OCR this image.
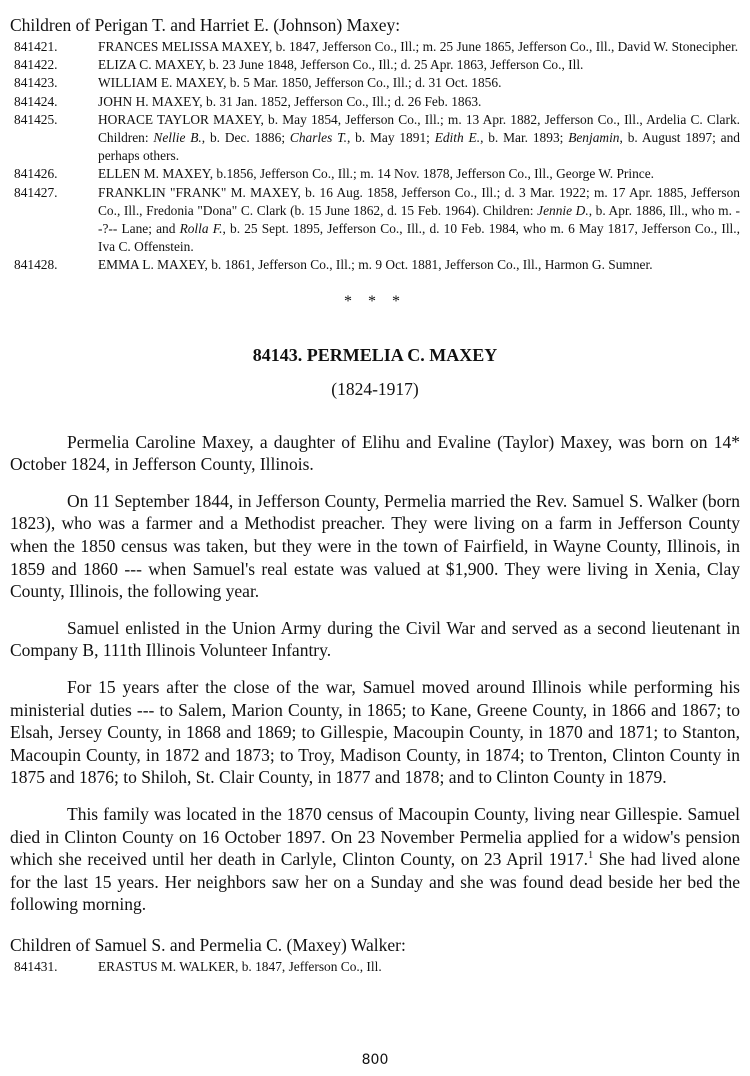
Children of Perigan T. and Harriet E. (Johnson) Maxey:

841421.	FRANCES MELISSA MAXEY, b. 1847, Jefferson Co., Ill.; m. 25 June 1865, Jefferson Co., Ill., David W. Stonecipher.
841422.	ELIZA C. MAXEY, b. 23 June 1848, Jefferson Co., Ill.; d. 25 Apr. 1863, Jefferson Co., Ill.
841423.	WILLIAM E. MAXEY, b. 5 Mar. 1850, Jefferson Co., Ill.; d. 31 Oct. 1856.
841424.	JOHN H. MAXEY, b. 31 Jan. 1852, Jefferson Co., Ill.; d. 26 Feb. 1863.
841425.	HORACE TAYLOR MAXEY, b. May 1854, Jefferson Co., Ill.; m. 13 Apr. 1882, Jefferson Co., Ill., Ardelia C. Clark. Children: Nellie B., b. Dec. 1886; Charles T., b. May 1891; Edith E., b. Mar. 1893; Benjamin, b. August 1897; and perhaps others.
841426.	ELLEN M. MAXEY, b.1856, Jefferson Co., Ill.; m. 14 Nov. 1878, Jefferson Co., Ill., George W. Prince.
841427.	FRANKLIN "FRANK" M. MAXEY, b. 16 Aug. 1858, Jefferson Co., Ill.; d. 3 Mar. 1922; m. 17 Apr. 1885, Jefferson Co., Ill., Fredonia "Dona" C. Clark (b. 15 June 1862, d. 15 Feb. 1964). Children: Jennie D., b. Apr. 1886, Ill., who m. --?-- Lane; and Rolla F., b. 25 Sept. 1895, Jefferson Co., Ill., d. 10 Feb. 1984, who m. 6 May 1817, Jefferson Co., Ill., Iva C. Offenstein.
841428.	EMMA L. MAXEY, b. 1861, Jefferson Co., Ill.; m. 9 Oct. 1881, Jefferson Co., Ill., Harmon G. Sumner.
* * *
84143. PERMELIA C. MAXEY
(1824-1917)

Permelia Caroline Maxey, a daughter of Elihu and Evaline (Taylor) Maxey, was born on 14* October 1824, in Jefferson County, Illinois.

On 11 September 1844, in Jefferson County, Permelia married the Rev. Samuel S. Walker (born 1823), who was a farmer and a Methodist preacher. They were living on a farm in Jefferson County when the 1850 census was taken, but they were in the town of Fairfield, in Wayne County, Illinois, in 1859 and 1860 --- when Samuel's real estate was valued at $1,900. They were living in Xenia, Clay County, Illinois, the following year.

Samuel enlisted in the Union Army during the Civil War and served as a second lieutenant in Company B, 111th Illinois Volunteer Infantry.

For 15 years after the close of the war, Samuel moved around Illinois while performing his ministerial duties --- to Salem, Marion County, in 1865; to Kane, Greene County, in 1866 and 1867; to Elsah, Jersey County, in 1868 and 1869; to Gillespie, Macoupin County, in 1870 and 1871; to Stanton, Macoupin County, in 1872 and 1873; to Troy, Madison County, in 1874; to Trenton, Clinton County in 1875 and 1876; to Shiloh, St. Clair County, in 1877 and 1878; and to Clinton County in 1879.

This family was located in the 1870 census of Macoupin County, living near Gillespie. Samuel died in Clinton County on 16 October 1897. On 23 November Permelia applied for a widow's pension which she received until her death in Carlyle, Clinton County, on 23 April 1917.$^1$ She had lived alone for the last 15 years. Her neighbors saw her on a Sunday and she was found dead beside her bed the following morning.

Children of Samuel S. and Permelia C. (Maxey) Walker:

841431.	ERASTUS M. WALKER, b. 1847, Jefferson Co., Ill.
800
